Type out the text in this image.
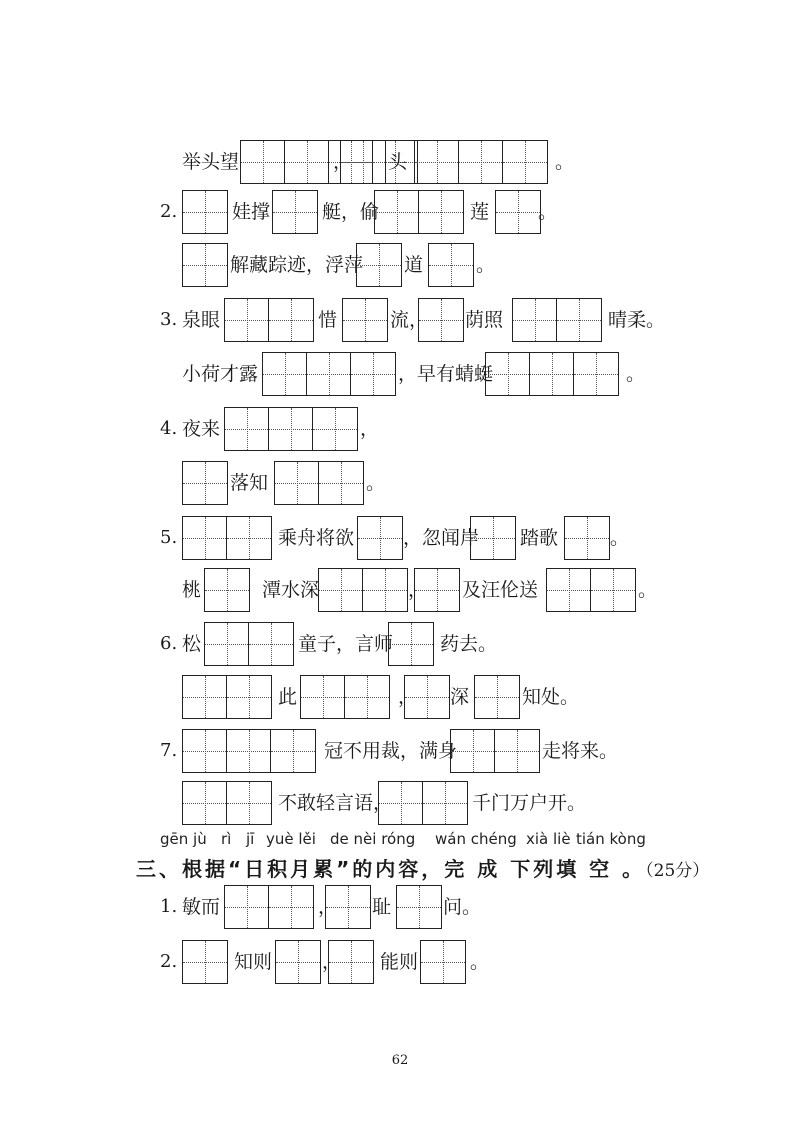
举头望	， 头	。
2.	娃撑	艇，偷	莲	。
解藏踪迹，浮萍 道	。
3. 泉眼	惜	流， 荫照	晴柔。
小荷才露	，早有蜻蜓	。
4. 夜来	，
落知	。
5.	乘舟将欲	，忽闻岸 踏歌	。
桃	潭水深	， 及汪伦送	。
6. 松	童子，言师 药去。
此	， 深	知处。
7.	冠不用裁，满身	走将来。
不敢轻言语，	千门万户开。
1. 敏而	， 耻	问。
2.	知则	， 能则	。
gēn jù rì jī yuè lěi de nèi róng wán chéng xià liè tián kòng
三、根据“日积月累”的内容，完 成 下列填 空 。（25分）
62
